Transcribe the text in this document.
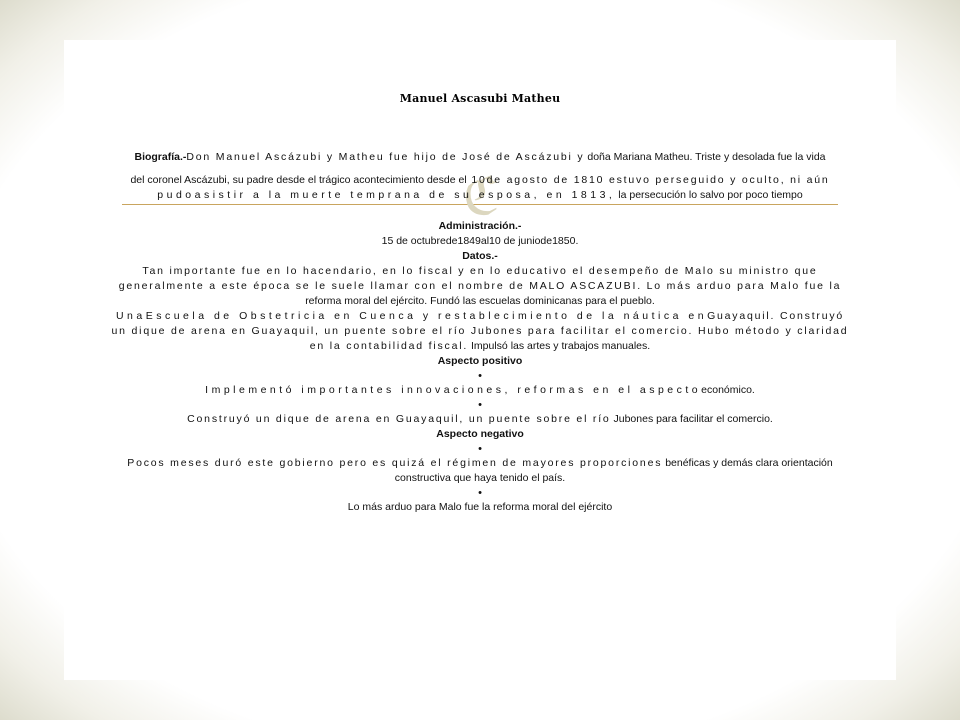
ℭ
Manuel Ascasubi Matheu

Biografía.-Don Manuel Ascázubi y Matheu fue hijo de José de Ascázubi y doña Mariana Matheu. Triste y desolada fue la vida

del coronel Ascázubi, su padre desde el trágico acontecimiento desde el 10de agosto de 1810 estuvo perseguido y oculto, ni aún
pudoasistir a la muerte temprana de su esposa, en 1813, la persecución lo salvo por poco tiempo

Administración.-

15 de octubrede1849al10 de juniode1850.

Datos.-

Tan importante fue en lo hacendario, en lo fiscal y en lo educativo el desempeño de Malo su ministro que generalmente a este época se le suele llamar con el nombre de MALO ASCAZUBI. Lo más arduo para Malo fue la reforma moral del ejército. Fundó las escuelas dominicanas para el pueblo.

UnaEscuela de Obstetricia en Cuenca y restablecimiento de la náutica enGuayaquil. Construyó un dique de arena en Guayaquil, un puente sobre el río Jubones para facilitar el comercio. Hubo método y claridad en la contabilidad fiscal. Impulsó las artes y trabajos manuales.

Aspecto positivo

•

Implementó importantes innovaciones, reformas en el aspectoeconómico.

•

Construyó un dique de arena en Guayaquil, un puente sobre el río Jubones para facilitar el comercio.

Aspecto negativo

•

Pocos meses duró este gobierno pero es quizá el régimen de mayores proporciones benéficas y demás clara orientación constructiva que haya tenido el país.

•

Lo más arduo para Malo fue la reforma moral del ejército
